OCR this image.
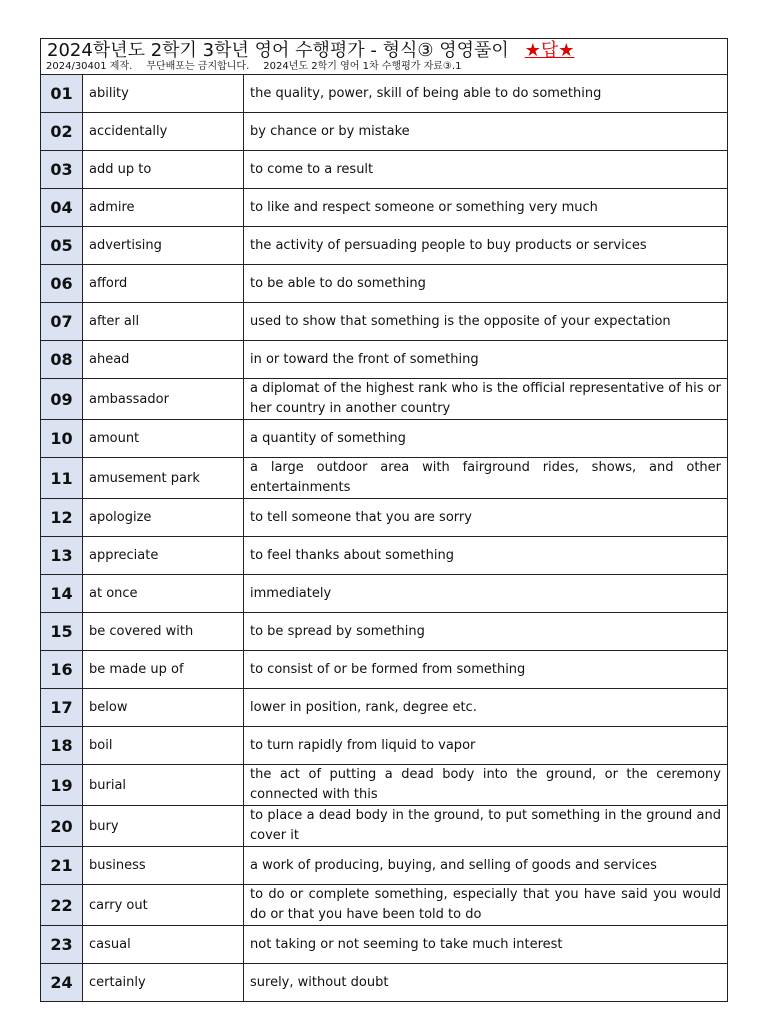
2024학년도 2학기 3학년 영어 수행평가 - 형식③ 영영풀이 ★답★
2024/30401 제작. 무단배포는 금지합니다. 2024년도 2학기 영어 1차 수행평가 자료③.1
01	ability	the quality, power, skill of being able to do something
02	accidentally	by chance or by mistake
03	add up to	to come to a result
04	admire	to like and respect someone or something very much
05	advertising	the activity of persuading people to buy products or services
06	afford	to be able to do something
07	after all	used to show that something is the opposite of your expectation
08	ahead	in or toward the front of something
09	ambassador	a diplomat of the highest rank who is the official representative of his or her country in another country
10	amount	a quantity of something
11	amusement park	a large outdoor area with fairground rides, shows, and other entertainments
12	apologize	to tell someone that you are sorry
13	appreciate	to feel thanks about something
14	at once	immediately
15	be covered with	to be spread by something
16	be made up of	to consist of or be formed from something
17	below	lower in position, rank, degree etc.
18	boil	to turn rapidly from liquid to vapor
19	burial	the act of putting a dead body into the ground, or the ceremony connected with this
20	bury	to place a dead body in the ground, to put something in the ground and cover it
21	business	a work of producing, buying, and selling of goods and services
22	carry out	to do or complete something, especially that you have said you would do or that you have been told to do
23	casual	not taking or not seeming to take much interest
24	certainly	surely, without doubt
